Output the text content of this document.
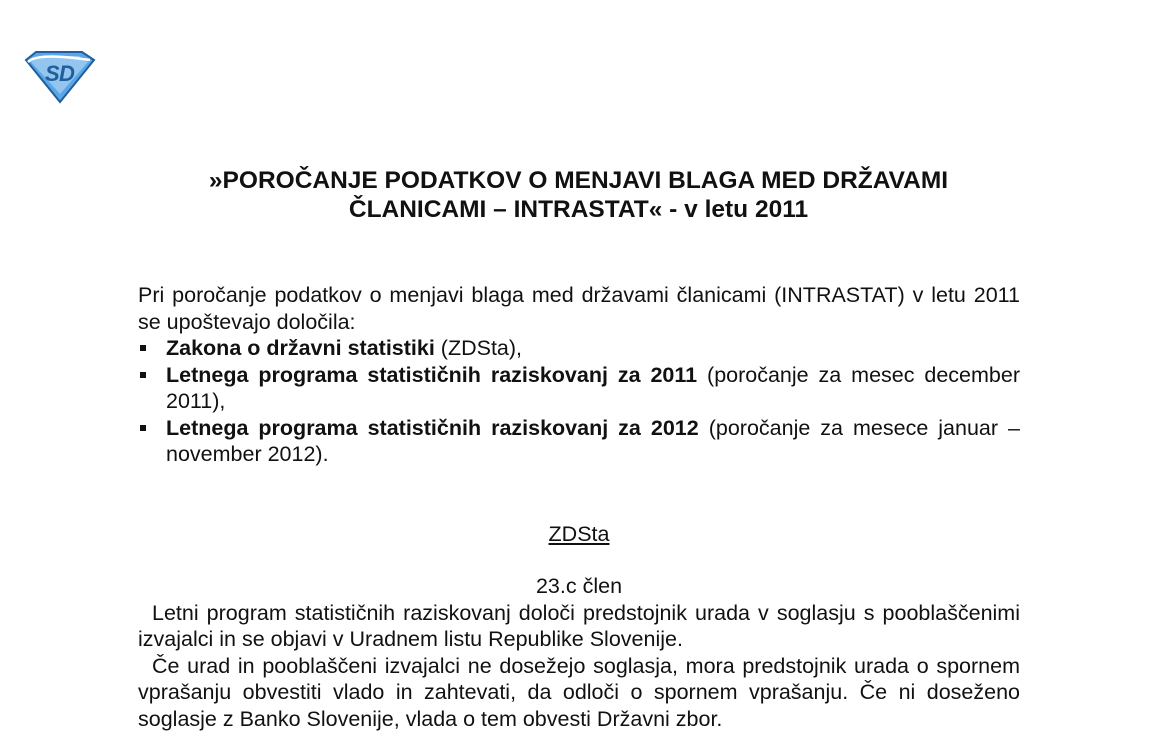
S D
»POROČANJE PODATKOV O MENJAVI BLAGA MED DRŽAVAMI
ČLANICAMI – INTRASTAT« - v letu 2011
Pri poročanje podatkov o menjavi blaga med državami članicami (INTRASTAT) v letu 2011 se upoštevajo določila:
Zakona o državni statistiki (ZDSta),
Letnega programa statističnih raziskovanj za 2011 (poročanje za mesec december 2011),
Letnega programa statističnih raziskovanj za 2012 (poročanje za mesece januar – november 2012).
ZDSta
23.c člen
Letni program statističnih raziskovanj določi predstojnik urada v soglasju s pooblaščenimi izvajalci in se objavi v Uradnem listu Republike Slovenije.
Če urad in pooblaščeni izvajalci ne dosežejo soglasja, mora predstojnik urada o spornem vprašanju obvestiti vlado in zahtevati, da odloči o spornem vprašanju. Če ni doseženo soglasje z Banko Slovenije, vlada o tem obvesti Državni zbor.
